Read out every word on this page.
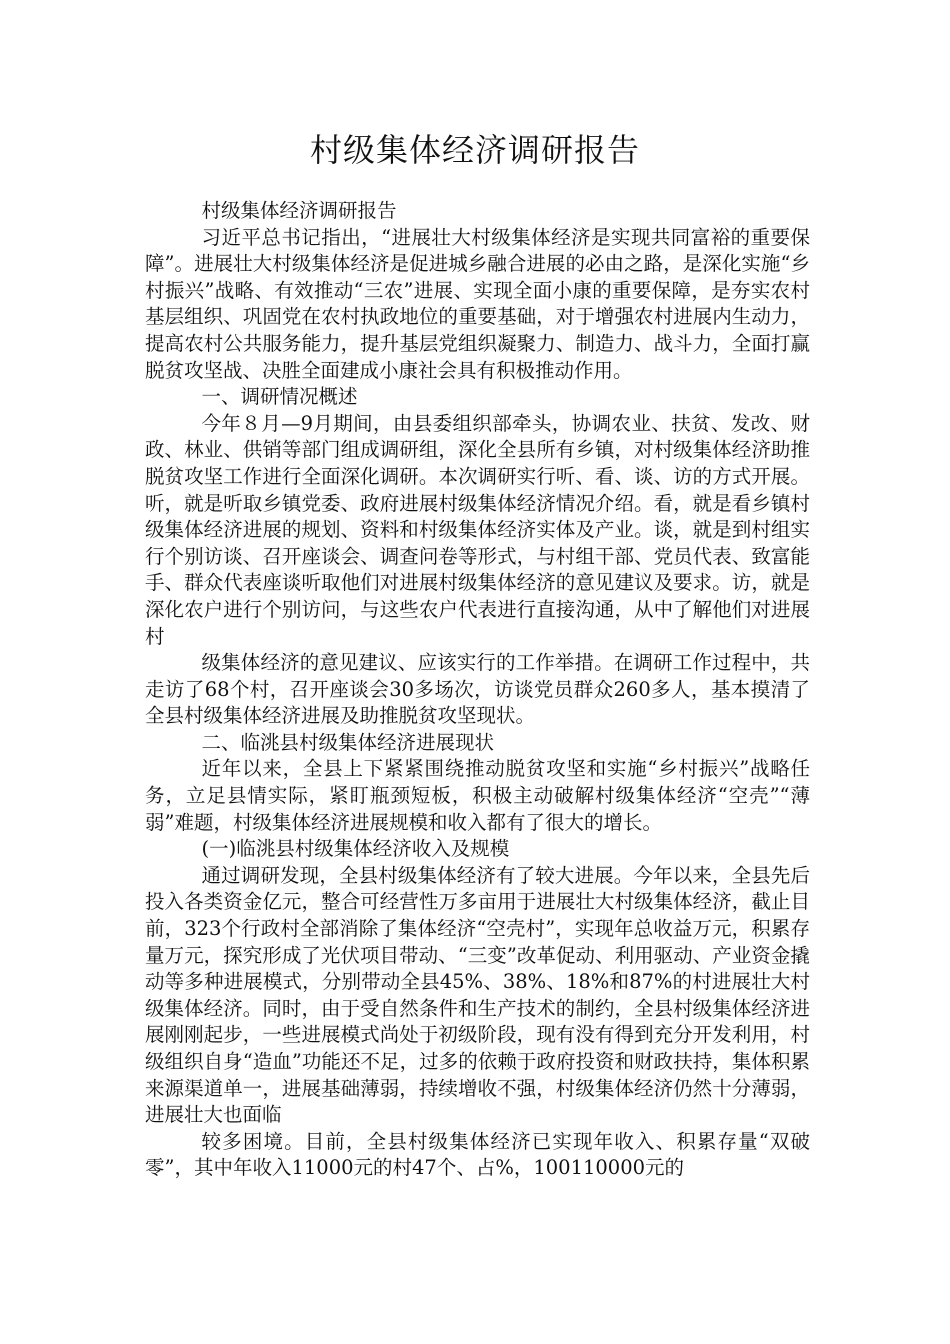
村级集体经济调研报告

村级集体经济调研报告

习近平总书记指出，“进展壮大村级集体经济是实现共同富裕的重要保障”。进展壮大村级集体经济是促进城乡融合进展的必由之路，是深化实施“乡村振兴”战略、有效推动“三农”进展、实现全面小康的重要保障，是夯实农村基层组织、巩固党在农村执政地位的重要基础，对于增强农村进展内生动力，提高农村公共服务能力，提升基层党组织凝聚力、制造力、战斗力，全面打赢脱贫攻坚战、决胜全面建成小康社会具有积极推动作用。

一、调研情况概述

今年８月—9月期间，由县委组织部牵头，协调农业、扶贫、发改、财政、林业、供销等部门组成调研组，深化全县所有乡镇，对村级集体经济助推脱贫攻坚工作进行全面深化调研。本次调研实行听、看、谈、访的方式开展。听，就是听取乡镇党委、政府进展村级集体经济情况介绍。看，就是看乡镇村级集体经济进展的规划、资料和村级集体经济实体及产业。谈，就是到村组实行个别访谈、召开座谈会、调查问卷等形式，与村组干部、党员代表、致富能手、群众代表座谈听取他们对进展村级集体经济的意见建议及要求。访，就是深化农户进行个别访问，与这些农户代表进行直接沟通，从中了解他们对进展村

级集体经济的意见建议、应该实行的工作举措。在调研工作过程中，共走访了68个村，召开座谈会30多场次，访谈党员群众260多人，基本摸清了全县村级集体经济进展及助推脱贫攻坚现状。

二、临洮县村级集体经济进展现状

近年以来，全县上下紧紧围绕推动脱贫攻坚和实施“乡村振兴”战略任务，立足县情实际，紧盯瓶颈短板，积极主动破解村级集体经济“空壳”“薄弱”难题，村级集体经济进展规模和收入都有了很大的增长。

(一)临洮县村级集体经济收入及规模

通过调研发现，全县村级集体经济有了较大进展。今年以来，全县先后投入各类资金亿元，整合可经营性万多亩用于进展壮大村级集体经济，截止目前，323个行政村全部消除了集体经济“空壳村”，实现年总收益万元，积累存量万元，探究形成了光伏项目带动、“三变”改革促动、利用驱动、产业资金撬动等多种进展模式，分别带动全县45%、38%、18%和87%的村进展壮大村级集体经济。同时，由于受自然条件和生产技术的制约，全县村级集体经济进展刚刚起步，一些进展模式尚处于初级阶段，现有没有得到充分开发利用，村级组织自身“造血”功能还不足，过多的依赖于政府投资和财政扶持，集体积累来源渠道单一，进展基础薄弱，持续增收不强，村级集体经济仍然十分薄弱，进展壮大也面临

较多困境。目前，全县村级集体经济已实现年收入、积累存量“双破零”，其中年收入11000元的村47个、占%，100110000元的
